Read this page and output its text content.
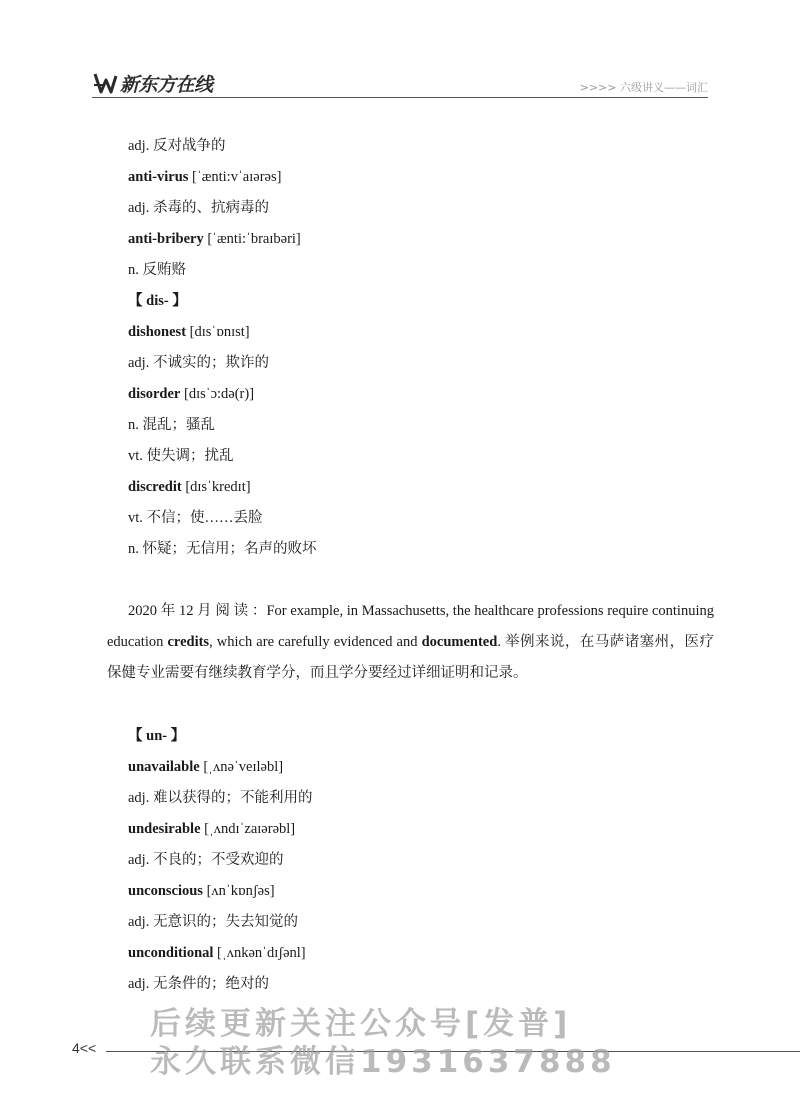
新东方在线	>>>> 六级讲义——词汇
adj. 反对战争的
anti-virus [ˈænti:vˈaɪərəs]
adj. 杀毒的、抗病毒的
anti-bribery [ˈænti:ˈbraɪbəri]
n. 反贿赂
【 dis- 】
dishonest [dɪsˈɒnɪst]
adj. 不诚实的；欺诈的
disorder [dɪsˈɔ:də(r)]
n. 混乱；骚乱
vt. 使失调；扰乱
discredit [dɪsˈkredɪt]
vt. 不信；使……丢脸
n. 怀疑；无信用；名声的败坏
2020 年 12 月 阅 读 ：For example, in Massachusetts, the healthcare professions require continuing education credits, which are carefully evidenced and documented. 举例来说，在马萨诸塞州，医疗保健专业需要有继续教育学分，而且学分要经过详细证明和记录。
【 un- 】
unavailable [ˌʌnəˈveɪləbl]
adj. 难以获得的；不能利用的
undesirable [ˌʌndɪˈzaɪərəbl]
adj. 不良的；不受欢迎的
unconscious [ʌnˈkɒnʃəs]
adj. 无意识的；失去知觉的
unconditional [ˌʌnkənˈdɪʃənl]
adj. 无条件的；绝对的
4<<
后续更新关注公众号[发普]
永久联系微信1931637888
